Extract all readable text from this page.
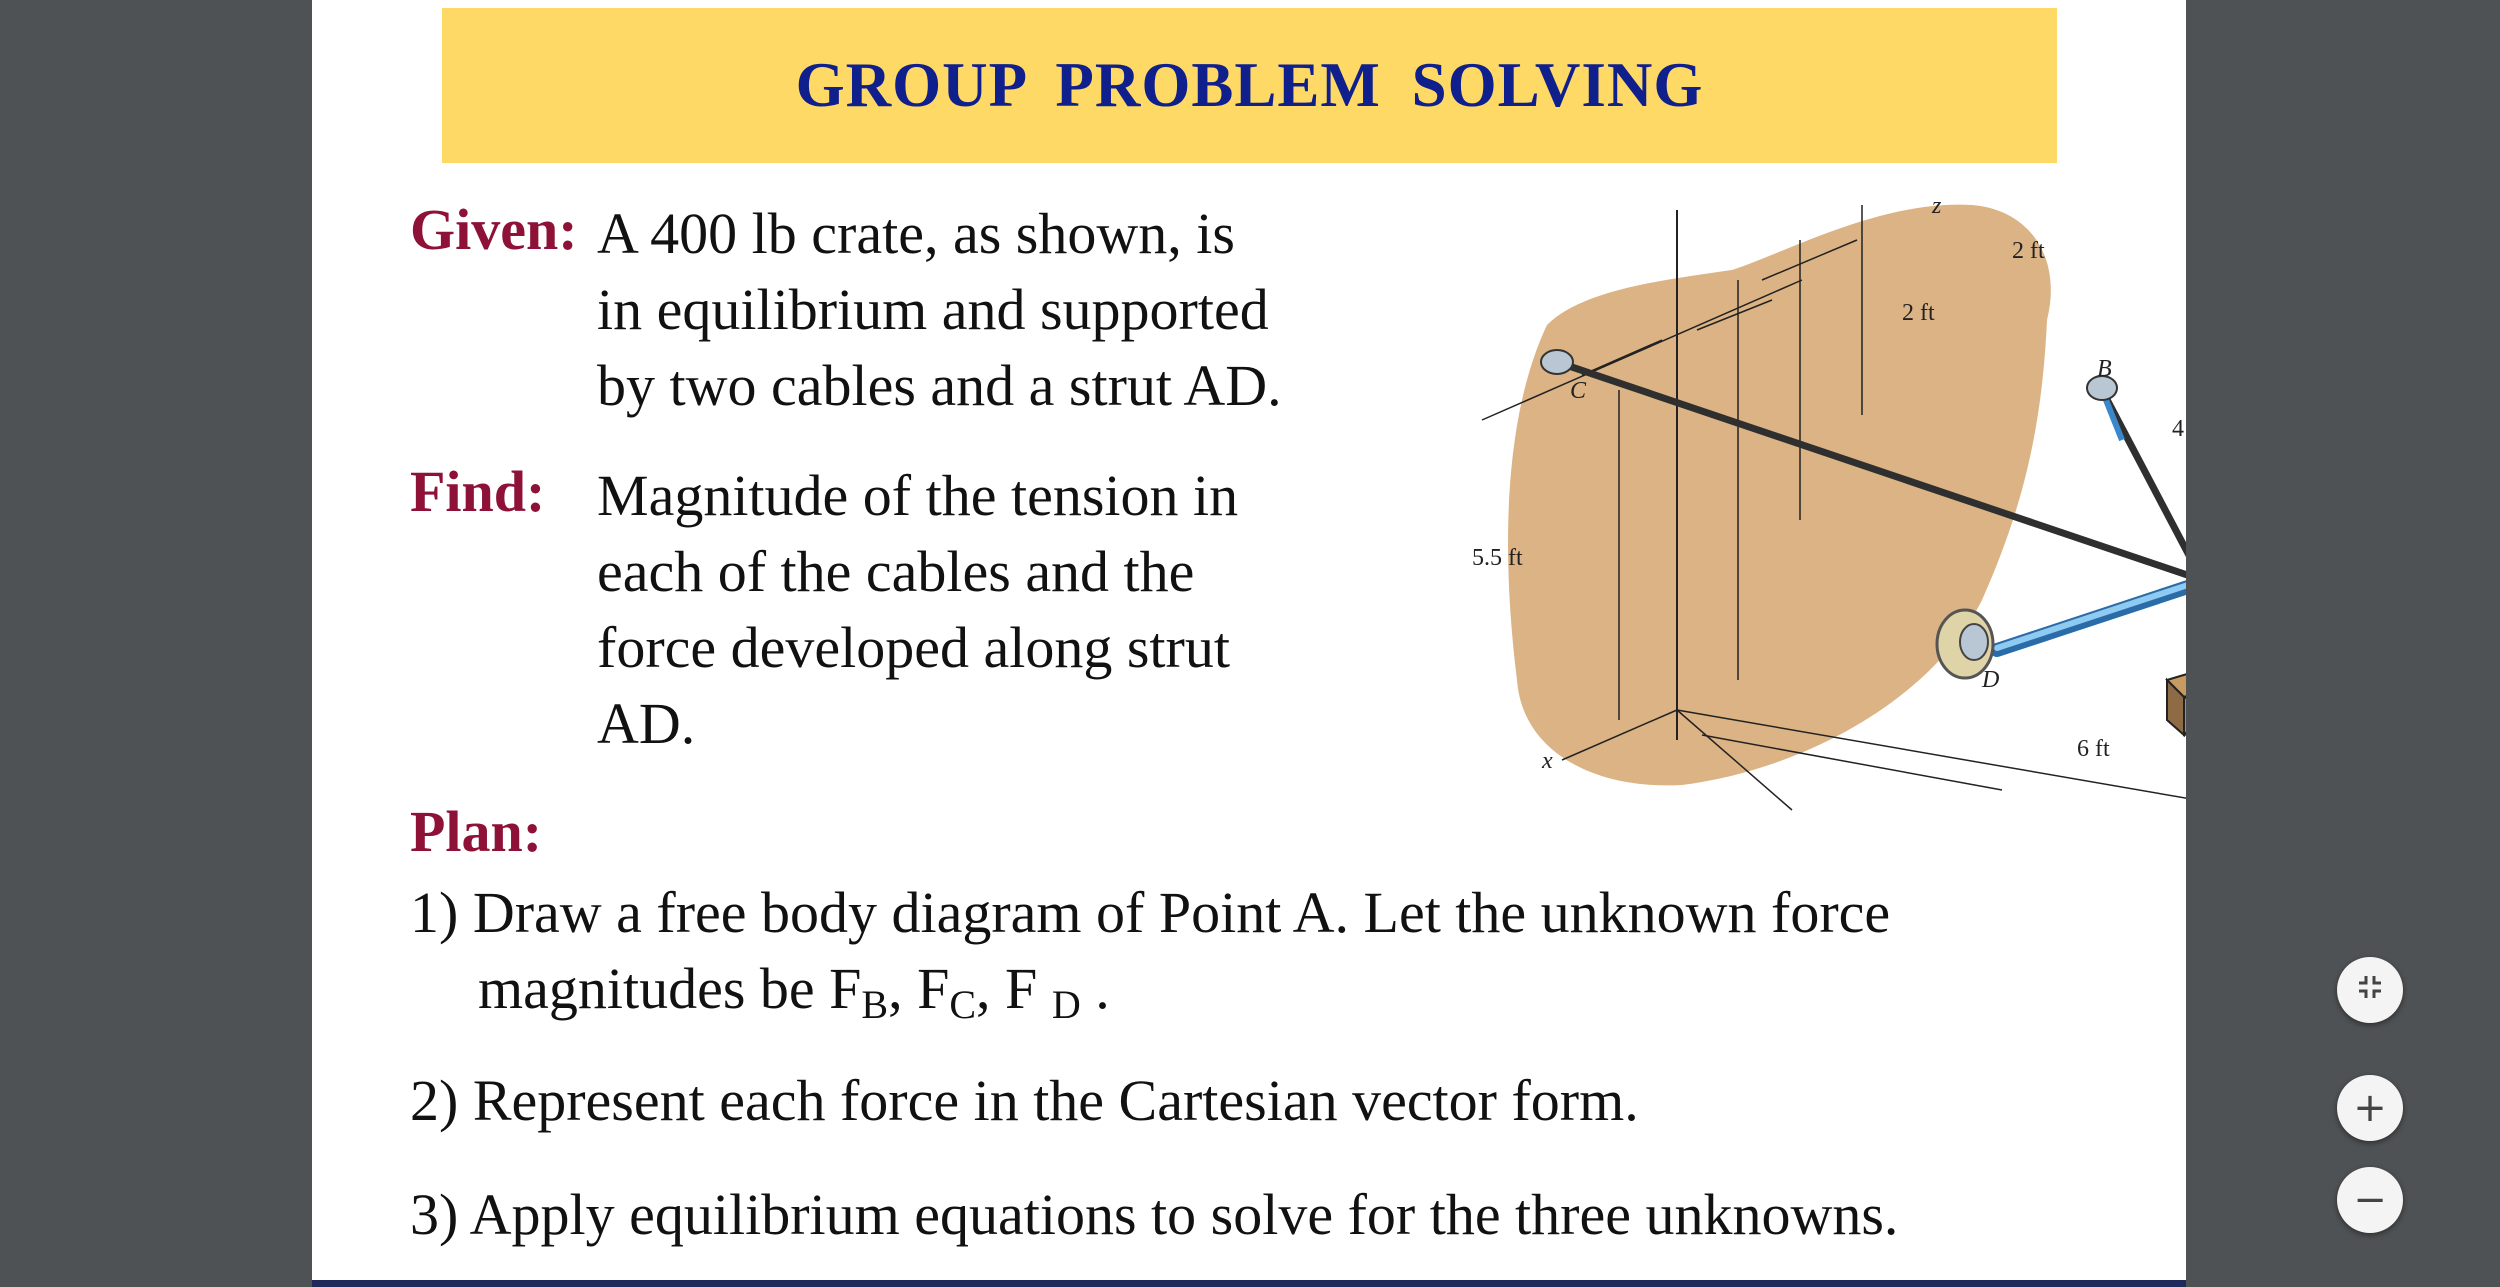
GROUP PROBLEM SOLVING
Given: A 400 lb crate, as shown, is
in equilibrium and supported
by two cables and a strut AD.
Find: Magnitude of the tension in
each of the cables and the
force developed along strut
AD.
z
x
y
2 ft
2 ft
4 ft
5.5 ft
2.5 ft
6 ft
A
B
C
D
Plan:
1) Draw a free body diagram of Point A. Let the unknown force
magnitudes be $F_B$, $F_C$, F $_D$ .
2) Represent each force in the Cartesian vector form.
3) Apply equilibrium equations to solve for the three unknowns.
+
−
